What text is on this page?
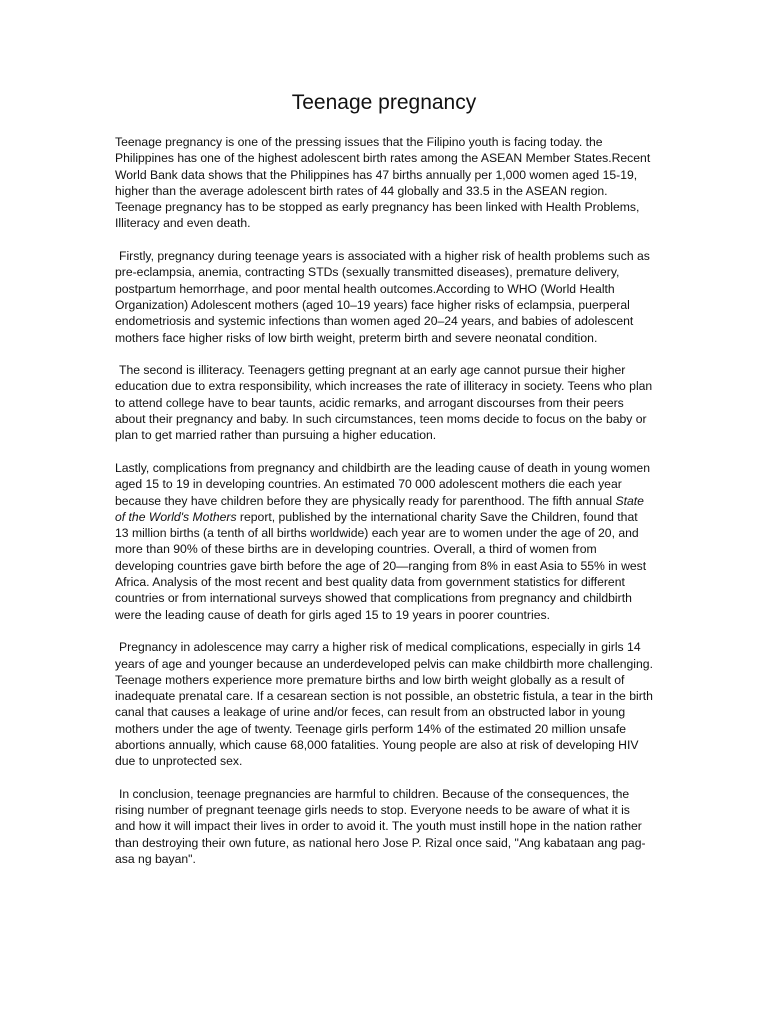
Teenage pregnancy

Teenage pregnancy is one of the pressing issues that the Filipino youth is facing today. the Philippines has one of the highest adolescent birth rates among the ASEAN Member States.Recent World Bank data shows that the Philippines has 47 births annually per 1,000 women aged 15-19, higher than the average adolescent birth rates of 44 globally and 33.5 in the ASEAN region. Teenage pregnancy has to be stopped as early pregnancy has been linked with Health Problems, Illiteracy and even death.

Firstly, pregnancy during teenage years is associated with a higher risk of health problems such as pre-eclampsia, anemia, contracting STDs (sexually transmitted diseases), premature delivery, postpartum hemorrhage, and poor mental health outcomes.According to WHO (World Health Organization) Adolescent mothers (aged 10–19 years) face higher risks of eclampsia, puerperal endometriosis and systemic infections than women aged 20–24 years, and babies of adolescent mothers face higher risks of low birth weight, preterm birth and severe neonatal condition.

The second is illiteracy. Teenagers getting pregnant at an early age cannot pursue their higher education due to extra responsibility, which increases the rate of illiteracy in society. Teens who plan to attend college have to bear taunts, acidic remarks, and arrogant discourses from their peers about their pregnancy and baby. In such circumstances, teen moms decide to focus on the baby or plan to get married rather than pursuing a higher education.

Lastly, complications from pregnancy and childbirth are the leading cause of death in young women aged 15 to 19 in developing countries. An estimated 70 000 adolescent mothers die each year because they have children before they are physically ready for parenthood. The fifth annual State of the World's Mothers report, published by the international charity Save the Children, found that 13 million births (a tenth of all births worldwide) each year are to women under the age of 20, and more than 90% of these births are in developing countries. Overall, a third of women from developing countries gave birth before the age of 20—ranging from 8% in east Asia to 55% in west Africa. Analysis of the most recent and best quality data from government statistics for different countries or from international surveys showed that complications from pregnancy and childbirth were the leading cause of death for girls aged 15 to 19 years in poorer countries.

Pregnancy in adolescence may carry a higher risk of medical complications, especially in girls 14 years of age and younger because an underdeveloped pelvis can make childbirth more challenging. Teenage mothers experience more premature births and low birth weight globally as a result of inadequate prenatal care. If a cesarean section is not possible, an obstetric fistula, a tear in the birth canal that causes a leakage of urine and/or feces, can result from an obstructed labor in young mothers under the age of twenty. Teenage girls perform 14% of the estimated 20 million unsafe abortions annually, which cause 68,000 fatalities. Young people are also at risk of developing HIV due to unprotected sex.

In conclusion, teenage pregnancies are harmful to children. Because of the consequences, the rising number of pregnant teenage girls needs to stop. Everyone needs to be aware of what it is and how it will impact their lives in order to avoid it. The youth must instill hope in the nation rather than destroying their own future, as national hero Jose P. Rizal once said, "Ang kabataan ang pag-asa ng bayan".
